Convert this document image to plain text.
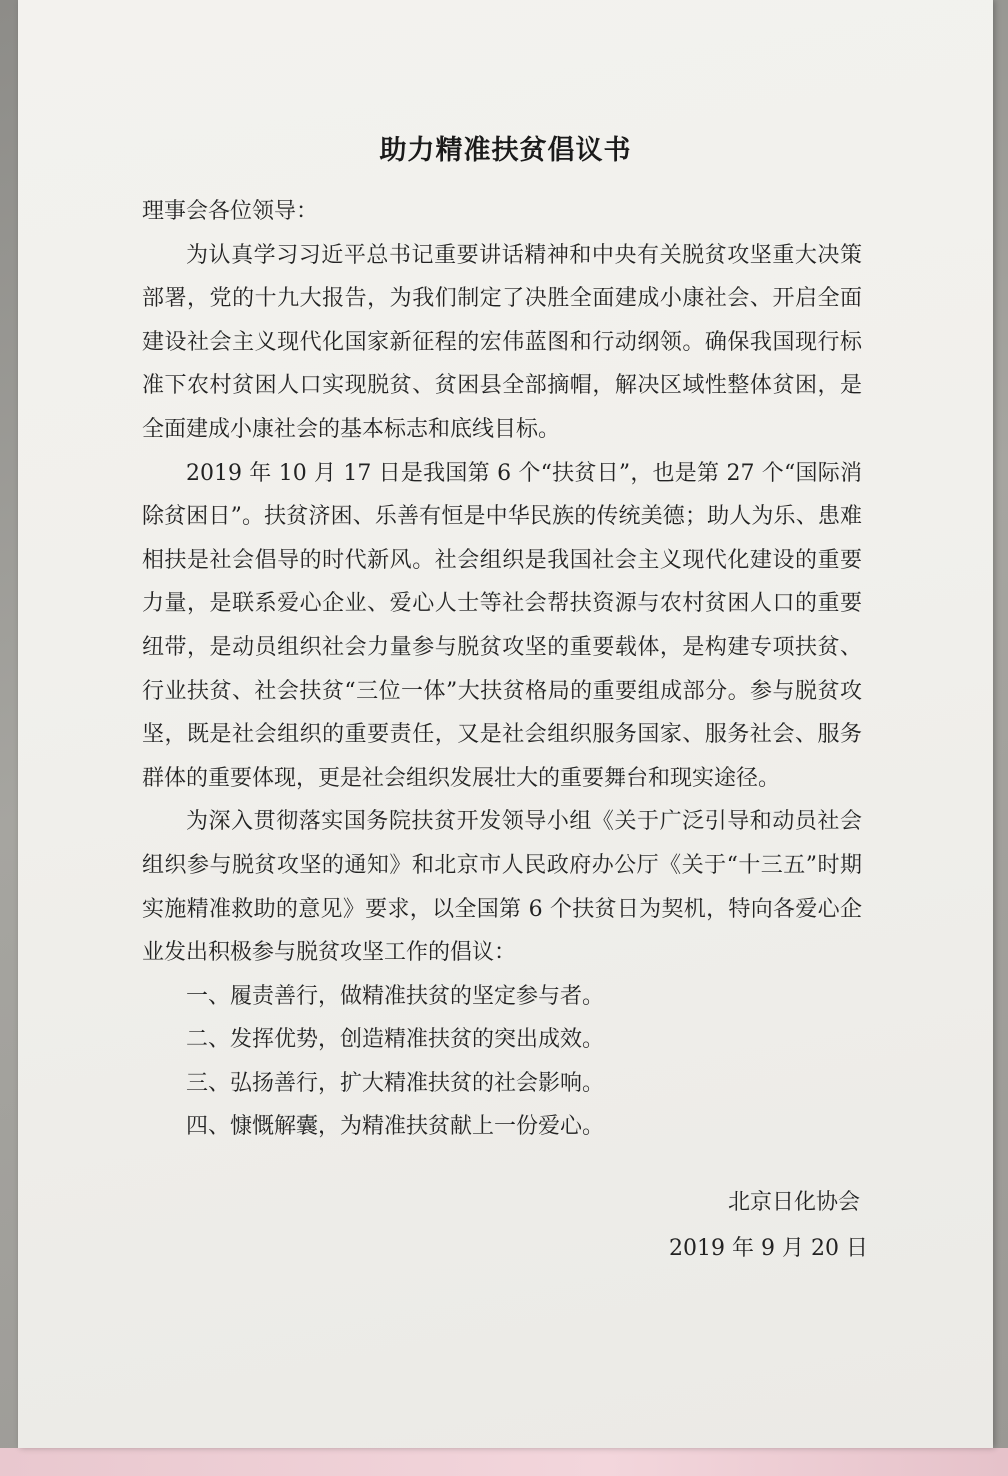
助力精准扶贫倡议书

理事会各位领导：

为认真学习习近平总书记重要讲话精神和中央有关脱贫攻坚重大决策部署，党的十九大报告，为我们制定了决胜全面建成小康社会、开启全面建设社会主义现代化国家新征程的宏伟蓝图和行动纲领。确保我国现行标准下农村贫困人口实现脱贫、贫困县全部摘帽，解决区域性整体贫困，是全面建成小康社会的基本标志和底线目标。

2019 年 10 月 17 日是我国第 6 个“扶贫日”，也是第 27 个“国际消除贫困日”。扶贫济困、乐善有恒是中华民族的传统美德；助人为乐、患难相扶是社会倡导的时代新风。社会组织是我国社会主义现代化建设的重要力量，是联系爱心企业、爱心人士等社会帮扶资源与农村贫困人口的重要纽带，是动员组织社会力量参与脱贫攻坚的重要载体，是构建专项扶贫、行业扶贫、社会扶贫“三位一体”大扶贫格局的重要组成部分。参与脱贫攻坚，既是社会组织的重要责任，又是社会组织服务国家、服务社会、服务群体的重要体现，更是社会组织发展壮大的重要舞台和现实途径。

为深入贯彻落实国务院扶贫开发领导小组《关于广泛引导和动员社会组织参与脱贫攻坚的通知》和北京市人民政府办公厅《关于“十三五”时期实施精准救助的意见》要求，以全国第 6 个扶贫日为契机，特向各爱心企业发出积极参与脱贫攻坚工作的倡议：

一、履责善行，做精准扶贫的坚定参与者。

二、发挥优势，创造精准扶贫的突出成效。

三、弘扬善行，扩大精准扶贫的社会影响。

四、慷慨解囊，为精准扶贫献上一份爱心。

北京日化协会
2019 年 9 月 20 日
